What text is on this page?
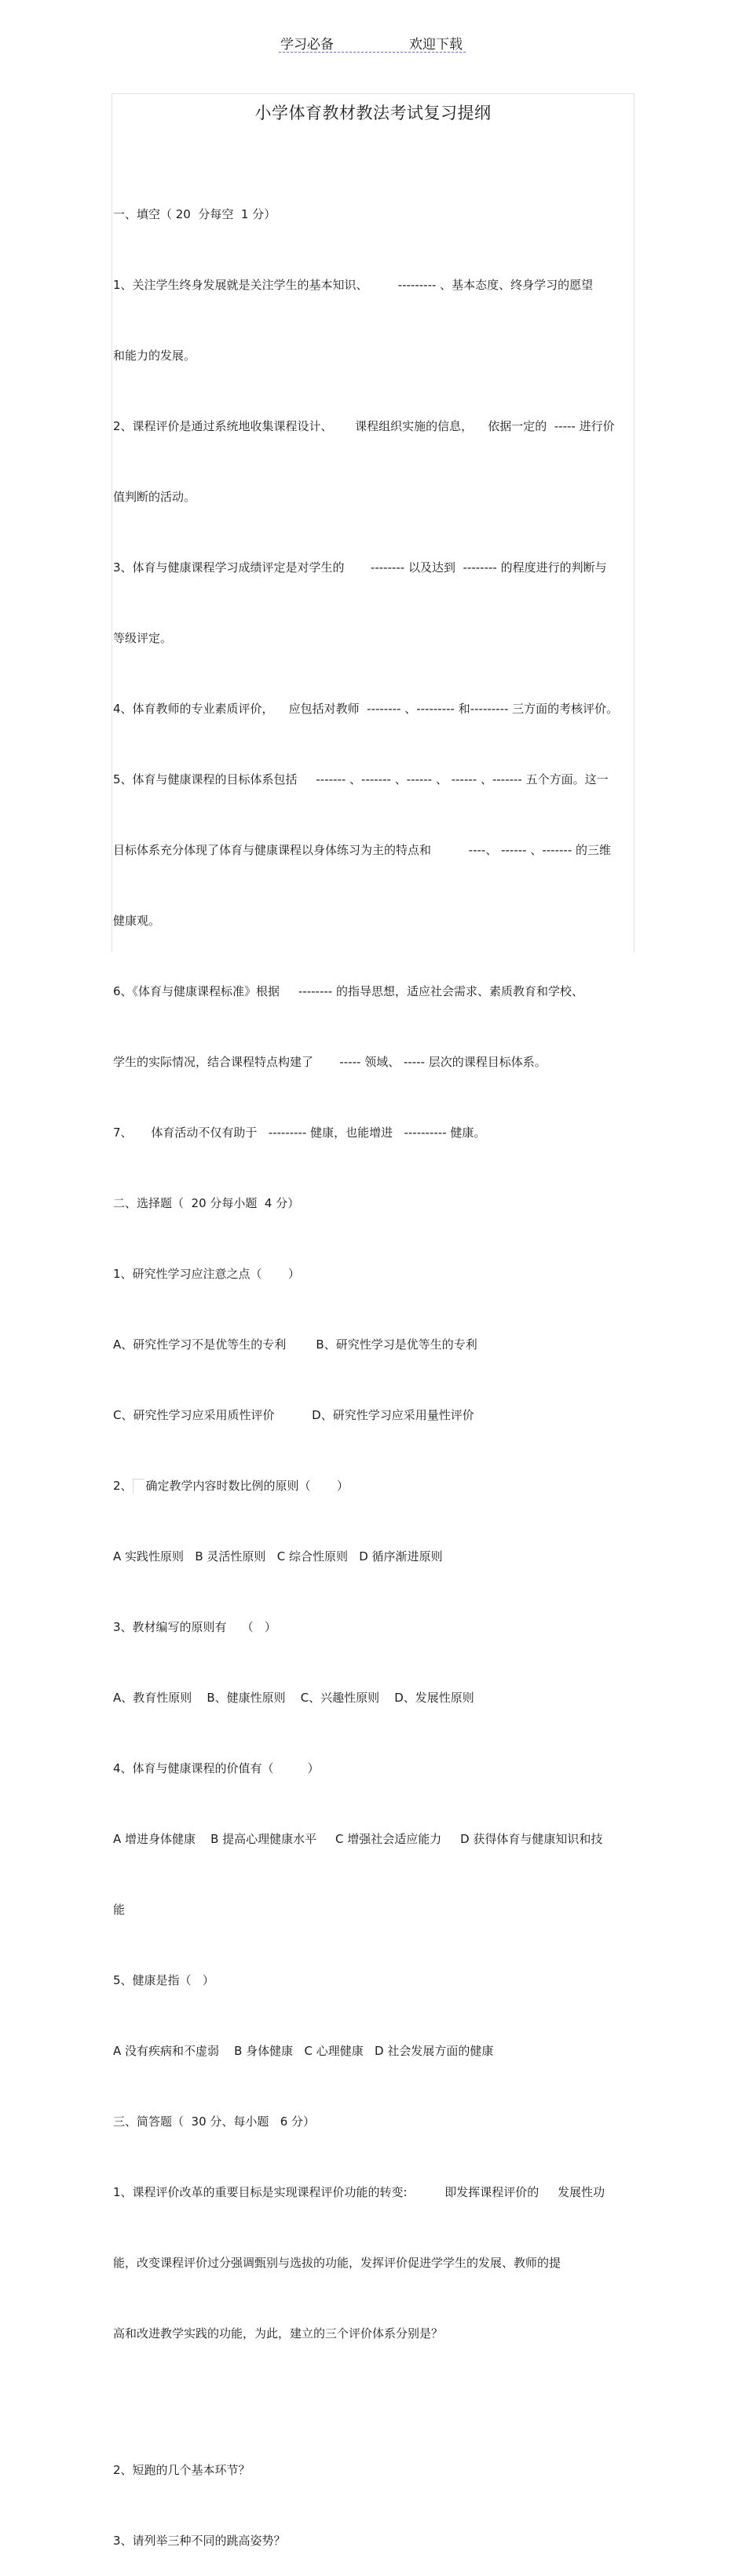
学习必备	欢迎下载
小学体育教材教法考试复习提纲

一、填空（ 20  分每空  1 分）

1、关注学生终身发展就是关注学生的基本知识、        --------- 、基本态度、终身学习的愿望

和能力的发展。

2、课程评价是通过系统地收集课程设计、      课程组织实施的信息，    依据一定的  ----- 进行价

值判断的活动。

3、体育与健康课程学习成绩评定是对学生的       -------- 以及达到  -------- 的程度进行的判断与

等级评定。

4、体育教师的专业素质评价，    应包括对教师  -------- 、--------- 和--------- 三方面的考核评价。

5、体育与健康课程的目标体系包括     ------- 、------- 、------ 、 ------ 、------- 五个方面。这一

目标体系充分体现了体育与健康课程以身体练习为主的特点和          ----、 ------ 、------- 的三维

健康观。

6、《体育与健康课程标准》根据     -------- 的指导思想，适应社会需求、素质教育和学校、

学生的实际情况，结合课程特点构建了       ----- 领域、 ----- 层次的课程目标体系。

7、     体育活动不仅有助于   --------- 健康，也能增进   ---------- 健康。

二、选择题（  20 分每小题  4 分）

1、研究性学习应注意之点（       ）

A、研究性学习不是优等生的专利        B、研究性学习是优等生的专利

C、研究性学习应采用质性评价          D、研究性学习应采用量性评价

2、 确定教学内容时数比例的原则（       ）

A 实践性原则   B 灵活性原则   C 综合性原则   D 循序渐进原则

3、教材编写的原则有    （   ）

A、教育性原则    B、健康性原则    C、兴趣性原则    D、发展性原则

4、体育与健康课程的价值有（         ）

A 增进身体健康    B 提高心理健康水平     C 增强社会适应能力     D 获得体育与健康知识和技

能

5、健康是指（   ）

A 没有疾病和不虚弱    B 身体健康   C 心理健康   D 社会发展方面的健康

三、简答题（  30 分、每小题   6 分）

1、课程评价改革的重要目标是实现课程评价功能的转变:          即发挥课程评价的     发展性功

能，改变课程评价过分强调甄别与选拔的功能，发挥评价促进学学生的发展、教师的提

高和改进教学实践的功能，为此，建立的三个评价体系分别是？

2、短跑的几个基本环节？

3、请列举三种不同的跳高姿势？
